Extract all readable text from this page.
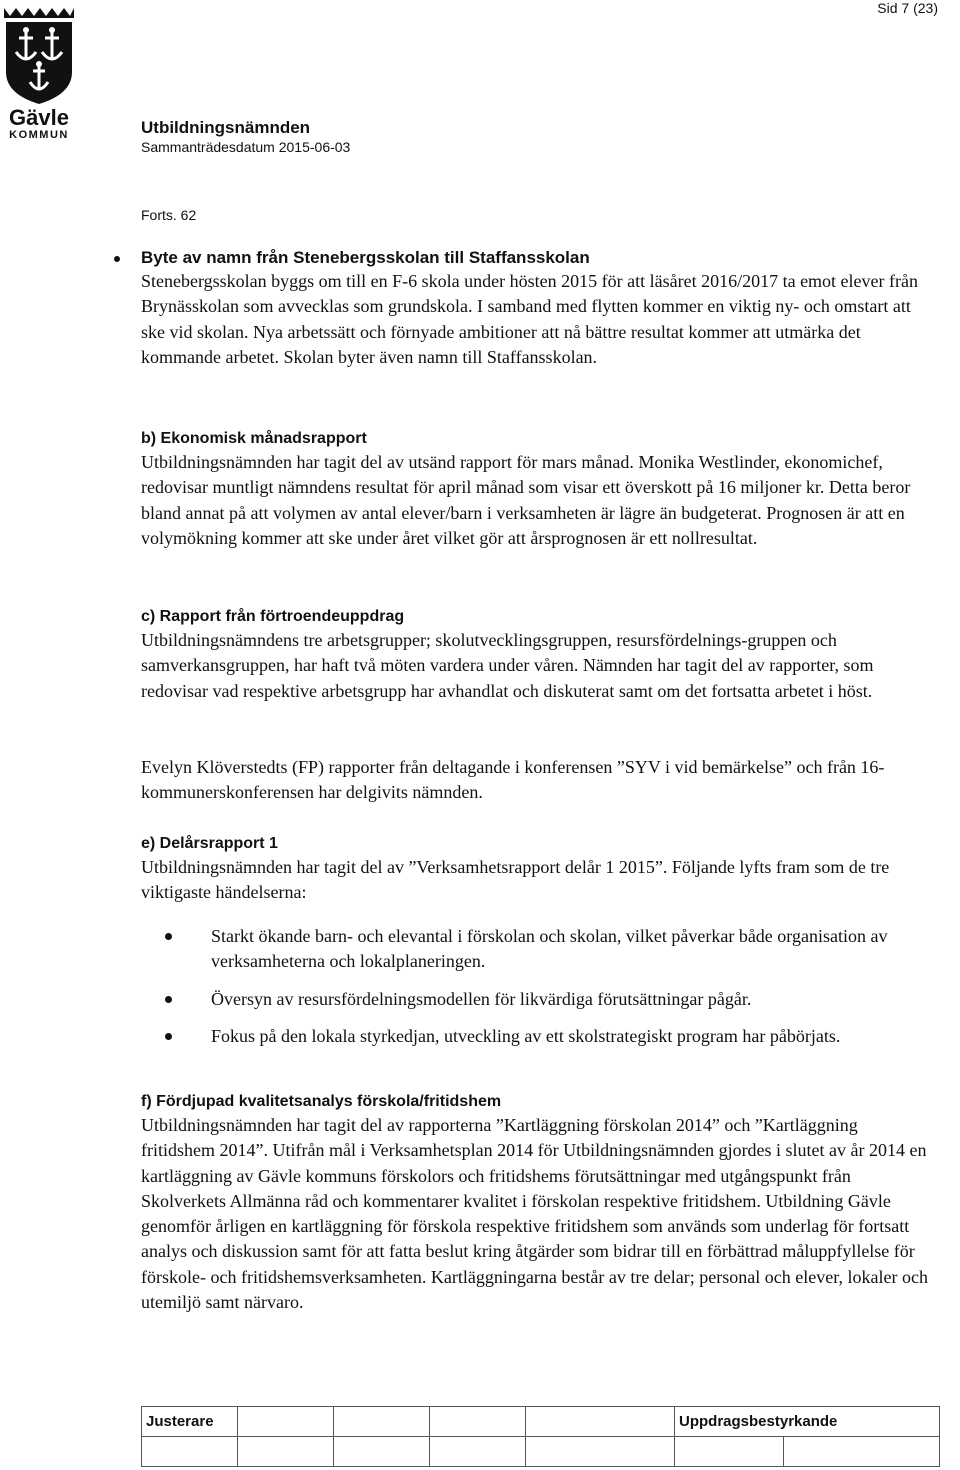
Sid 7 (23)
Gävle
KOMMUN	Utbildningsnämnden
Sammanträdesdatum 2015-06-03
Forts. 62

Byte av namn från Stenebergsskolan till Staffansskolan

Stenebergsskolan byggs om till en F-6 skola under hösten 2015 för att läsåret 2016/2017 ta emot elever från Brynässkolan som avvecklas som grundskola. I samband med flytten kommer en viktig ny- och omstart att ske vid skolan. Nya arbetssätt och förnyade ambitioner att nå bättre resultat kommer att utmärka det kommande arbetet. Skolan byter även namn till Staffansskolan.

b) Ekonomisk månadsrapport

Utbildningsnämnden har tagit del av utsänd rapport för mars månad. Monika Westlinder, ekonomichef, redovisar muntligt nämndens resultat för april månad som visar ett överskott på 16 miljoner kr. Detta beror bland annat på att volymen av antal elever/barn i verksamheten är lägre än budgeterat. Prognosen är att en volymökning kommer att ske under året vilket gör att årsprognosen är ett nollresultat.

c) Rapport från förtroendeuppdrag

Utbildningsnämndens tre arbetsgrupper; skolutvecklingsgruppen, resursfördelnings-gruppen och samverkansgruppen, har haft två möten vardera under våren. Nämnden har tagit del av rapporter, som redovisar vad respektive arbetsgrupp har avhandlat och diskuterat samt om det fortsatta arbetet i höst.

Evelyn Klöverstedts (FP) rapporter från deltagande i konferensen ”SYV i vid bemärkelse” och från 16-kommunerskonferensen har delgivits nämnden.

e) Delårsrapport 1

Utbildningsnämnden har tagit del av ”Verksamhetsrapport delår 1 2015”. Följande lyfts fram som de tre viktigaste händelserna:

Starkt ökande barn- och elevantal i förskolan och skolan, vilket påverkar både organisation av verksamheterna och lokalplaneringen.
Översyn av resursfördelningsmodellen för likvärdiga förutsättningar pågår.
Fokus på den lokala styrkedjan, utveckling av ett skolstrategiskt program har påbörjats.

f) Fördjupad kvalitetsanalys förskola/fritidshem

Utbildningsnämnden har tagit del av rapporterna ”Kartläggning förskolan 2014” och ”Kartläggning fritidshem 2014”. Utifrån mål i Verksamhetsplan 2014 för Utbildningsnämnden gjordes i slutet av år 2014 en kartläggning av Gävle kommuns förskolors och fritidshems förutsättningar med utgångspunkt från Skolverkets Allmänna råd och kommentarer kvalitet i förskolan respektive fritidshem. Utbildning Gävle genomför årligen en kartläggning för förskola respektive fritidshem som används som underlag för fortsatt analys och diskussion samt för att fatta beslut kring åtgärder som bidrar till en förbättrad måluppfyllelse för förskole- och fritidshemsverksamheten. Kartläggningarna består av tre delar; personal och elever, lokaler och utemiljö samt närvaro.

Justerare					Uppdragsbestyrkande	
